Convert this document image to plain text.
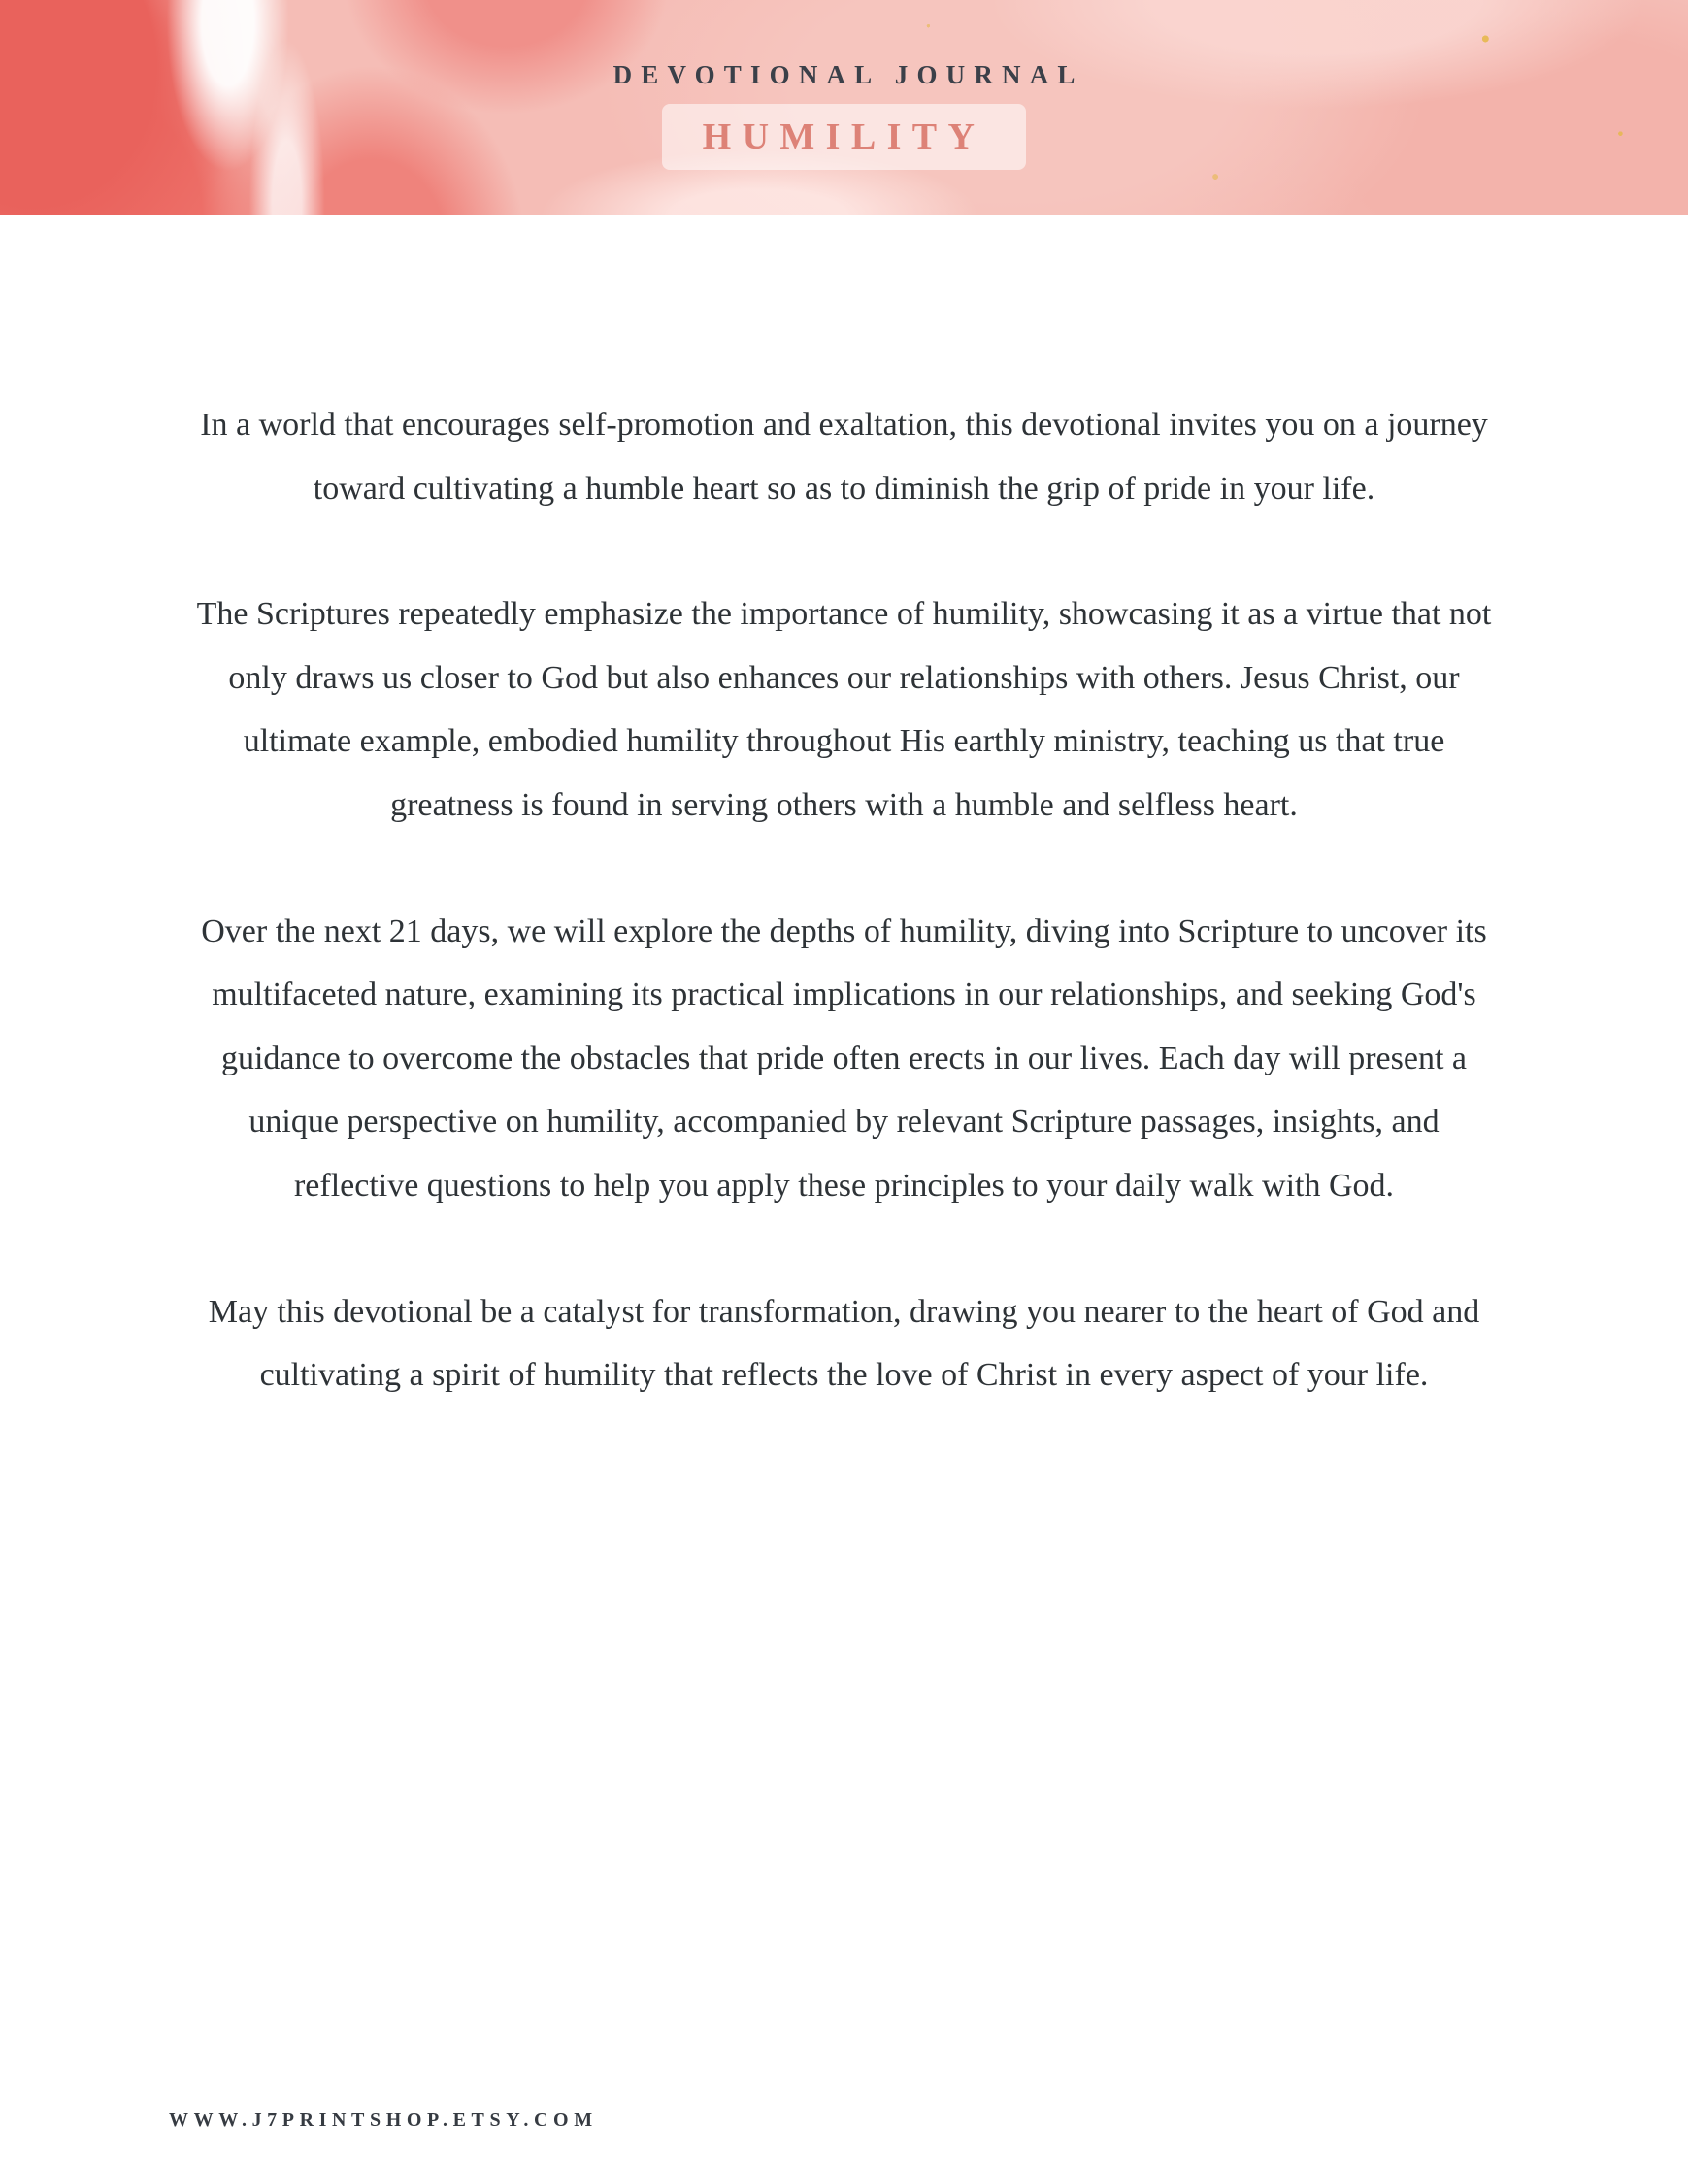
DEVOTIONAL JOURNAL
HUMILITY

In a world that encourages self-promotion and exaltation, this devotional invites you on a journey toward cultivating a humble heart so as to diminish the grip of pride in your life.

The Scriptures repeatedly emphasize the importance of humility, showcasing it as a virtue that not only draws us closer to God but also enhances our relationships with others. Jesus Christ, our ultimate example, embodied humility throughout His earthly ministry, teaching us that true greatness is found in serving others with a humble and selfless heart.

Over the next 21 days, we will explore the depths of humility, diving into Scripture to uncover its multifaceted nature, examining its practical implications in our relationships, and seeking God's guidance to overcome the obstacles that pride often erects in our lives. Each day will present a unique perspective on humility, accompanied by relevant Scripture passages, insights, and reflective questions to help you apply these principles to your daily walk with God.

May this devotional be a catalyst for transformation, drawing you nearer to the heart of God and cultivating a spirit of humility that reflects the love of Christ in every aspect of your life.

WWW.J7PRINTSHOP.ETSY.COM
